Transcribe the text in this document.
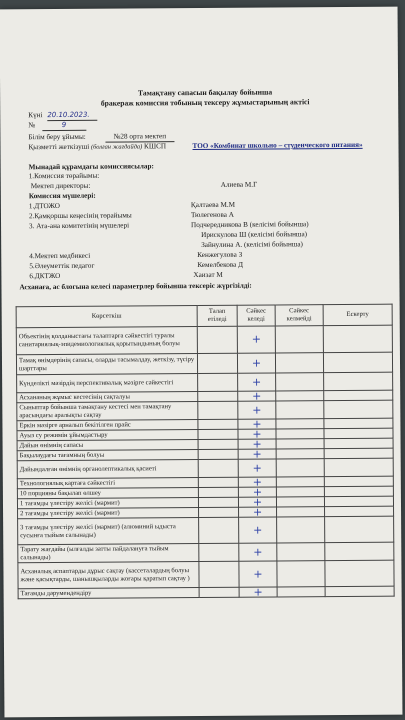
Тамақтану сапасын бақылау бойынша
бракераж комиссия тобының тексеру жұмыстарының актісі
Күні 20.10.2023.
№	9
Білім беру ұйымы:	№28 орта мектеп
Қызметті жеткізуші (болған жағдайда) КШСП	ТОО «Комбинат школьно – студенческого питания»
Мынадай құрамдағы комиссиясылар:
1.Комиссия төрайымы:
Мектеп директоры:	Алиева М.Г
Комиссия мүшелері:
1.ДТОЖО	Қалтаева М.М
2.Қамқоршы кеңесінің төрайымы	Тюлегенова А
3. Ата-ана комитетінің мүшелері	Подчередникова В (келісімі бойынша)
Ирискулова Ш (келісімі бойынша)
Зайнулина А. (келісімі бойынша)
4.Мектеп медбикесі	Кенжегулова З
5.Әлеуметтік педагог	Кемелбекова Д
6.ДКТЖО	Хаизат М
Асханаға, ас блогына келесі параметрлер бойынша тексеріс жүргізілді:
Көрсеткіш	Талап етіледі	Сәйкес келеді	Сәйкес келмейді	Ескерту
Объектінің қолданыстағы талаптарға сәйкестігі туралы санитариялық-эпидемиологиялық қорытындының болуы		+		
Тамақ өнімдерінің сапасы, оларды тасымалдау, жеткізу, түсіру шарттары		+		
Күнделікті мәзірдің перспективалық мәзірге сәйкестігі		+		
Асхананың жұмыс кестесінің сақталуы		+		
Сыныптар бойынша тамақтану кестесі мен тамақтану арасындағы аралықты сақтау		+		
Еркін мәзірге арналып бекітілген прайс		+		
Ауыз су режимін ұйымдастыру		+		
Дайын өнімнің сапасы		+		
Бақылаудағы тағамның болуы		+		
Дайындалған өнімнің органолептикалық қасиеті		+		
Технологиялық картаға сәйкестігі		+		
10 порцияны бақылап өлшеу		+		
1 тағамды үлестіру желісі (мармит)		+		
2 тағамды үлестіру желісі (мармит)		+		
3 тағамды үлестіру желісі (мармит) (алюминий ыдыста сусынға тыйым салынады)		+		
Тарату жағдайы (ылғалды затты пайдалануға тыйым салынады)		+		
Асханалық аспаптарды дұрыс сақтау (кассеталардың болуы және қасықтарды, шанышқыларды жоғары қаратып сақтау )		+		
Тағамды дәрумендендіру		+		
